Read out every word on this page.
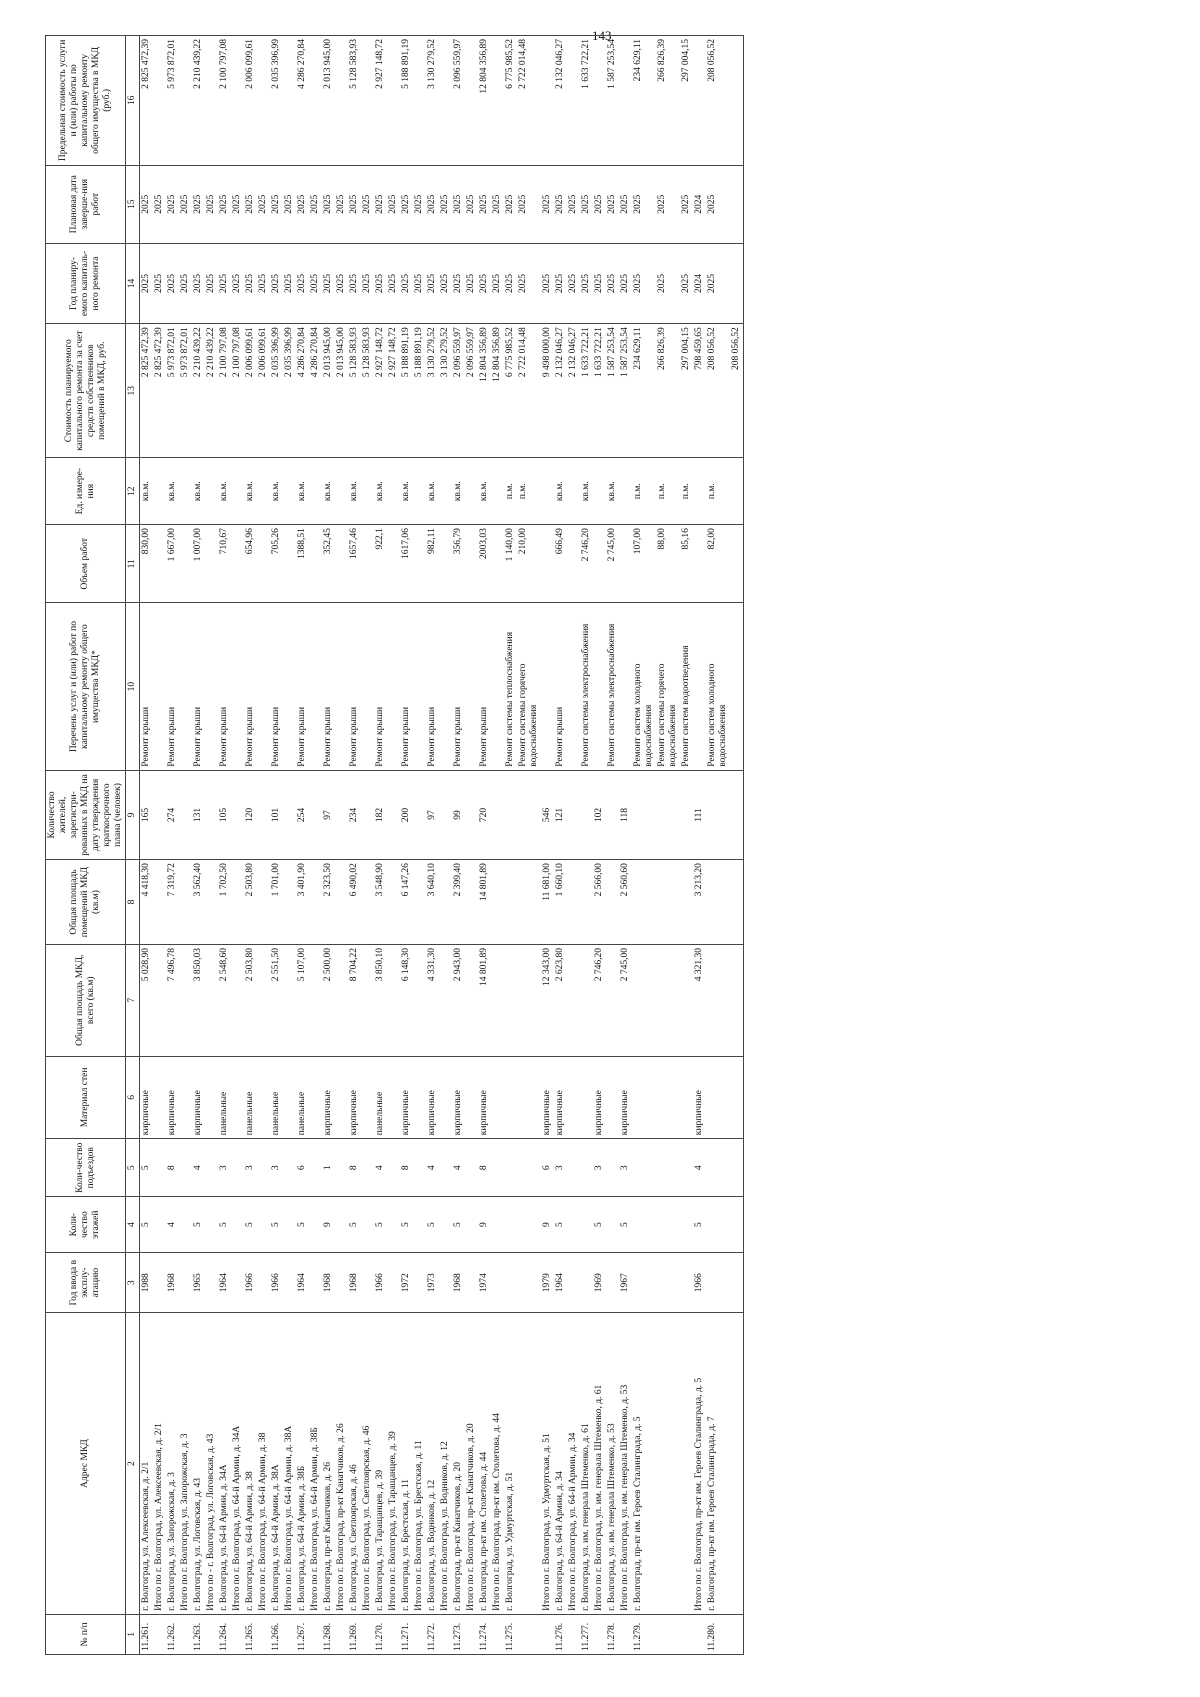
143
№ п/п	Адрес МКД	Год ввода в эксплу-атацию	Коли-чество этажей	Коли-чество подъездов	Материал стен	Общая площадь МКД, всего (кв.м)	Общая площадь помещений МКД (кв.м)	Количество жителей, зарегистри-рованных в МКД на дату утверждения краткосрочного плана (человек)	Перечень услуг и (или) работ по капитальному ремонту общего имущества МКД*	Объем работ	Ед. измере-ния	Стоимость планируемого капитального ремонта за счет средств собственников помещений в МКД, руб.	Год планиру-емого капиталь-ного ремонта	Плановая дата заверше-ния работ	Предельная стоимость услуги и (или) работы по капитальному ремонту общего имущества в МКД (руб.)
1	2	3	4	5	6	7	8	9	10	11	12	13	14	15	16
11.261.	г. Волгоград, ул. Алексеевская, д. 2/1	1988	5	5	кирпичные	5 028,90	4 418,30	165	Ремонт крыши	830,00	кв.м.	2 825 472,39	2025	2025	2 825 472,39
	Итого по г. Волгоград, ул. Алексеевская, д. 2/1											2 825 472,39	2025	2025	
11.262.	г. Волгоград, ул. Запорожская, д. 3	1968	4	8	кирпичные	7 496,78	7 319,72	274	Ремонт крыши	1 667,00	кв.м.	5 973 872,01	2025	2025	5 973 872,01
	Итого по г. Волгоград, ул. Запорожская, д. 3											5 973 872,01	2025	2025	
11.263.	г. Волгоград, ул. Логовская, д. 43	1965	5	4	кирпичные	3 850,03	3 562,40	131	Ремонт крыши	1 007,00	кв.м.	2 210 439,22	2025	2025	2 210 439,22
	Итого по - г. Волгоград, ул. Логовская, д. 43											2 210 439,22	2025	2025	
11.264.	г. Волгоград, ул. 64-й Армии, д. 34А	1964	5	3	панельные	2 548,60	1 702,50	105	Ремонт крыши	710,67	кв.м.	2 100 797,08	2025	2025	2 100 797,08
	Итого по г. Волгоград, ул. 64-й Армии, д. 34А											2 100 797,08	2025	2025	
11.265.	г. Волгоград, ул. 64-й Армии, д. 38	1966	5	3	панельные	2 503,80	2 503,80	120	Ремонт крыши	654,96	кв.м.	2 006 099,61	2025	2025	2 006 099,61
	Итого по г. Волгоград, ул. 64-й Армии, д. 38											2 006 099,61	2025	2025	
11.266.	г. Волгоград, ул. 64-й Армии, д. 38А	1966	5	3	панельные	2 551,50	1 701,00	101	Ремонт крыши	705,26	кв.м.	2 035 396,99	2025	2025	2 035 396,99
	Итого по г. Волгоград, ул. 64-й Армии, д. 38А											2 035 396,99	2025	2025	
11.267.	г. Волгоград, ул. 64-й Армии, д. 38Б	1964	5	6	панельные	5 107,00	3 401,90	254	Ремонт крыши	1388,51	кв.м.	4 286 270,84	2025	2025	4 286 270,84
	Итого по г. Волгоград, ул. 64-й Армии, д. 38Б											4 286 270,84	2025	2025	
11.268.	г. Волгоград, пр-кт Канатчиков, д. 26	1968	9	1	кирпичные	2 500,00	2 323,50	97	Ремонт крыши	352,45	кв.м.	2 013 945,00	2025	2025	2 013 945,00
	Итого по г. Волгоград, пр-кт Канатчиков, д. 26											2 013 945,00	2025	2025	
11.269.	г. Волгоград, ул. Светлоярская, д. 46	1968	5	8	кирпичные	8 704,22	6 490,02	234	Ремонт крыши	1657,46	кв.м.	5 128 583,93	2025	2025	5 128 583,93
	Итого по г. Волгоград, ул. Светлоярская, д. 46											5 128 583,93	2025	2025	
11.270.	г. Волгоград, ул. Таращанцев, д. 39	1966	5	4	панельные	3 850,10	3 548,90	182	Ремонт крыши	922,1	кв.м.	2 927 148,72	2025	2025	2 927 148,72
	Итого по г. Волгоград, ул. Таращанцев, д. 39											2 927 148,72	2025	2025	
11.271.	г. Волгоград, ул. Брестская, д. 11	1972	5	8	кирпичные	6 148,30	6 147,26	200	Ремонт крыши	1617,06	кв.м.	5 188 891,19	2025	2025	5 188 891,19
	Итого по г. Волгоград, ул. Брестская, д. 11											5 188 891,19	2025	2025	
11.272.	г. Волгоград, ул. Водников, д. 12	1973	5	4	кирпичные	4 331,30	3 640,10	97	Ремонт крыши	982,11	кв.м.	3 130 279,52	2025	2025	3 130 279,52
	Итого по г. Волгоград, ул. Водников, д. 12											3 130 279,52	2025	2025	
11.273.	г. Волгоград, пр-кт Канатчиков, д. 20	1968	5	4	кирпичные	2 943,00	2 399,40	99	Ремонт крыши	356,79	кв.м.	2 096 559,97	2025	2025	2 096 559,97
	Итого по г. Волгоград, пр-кт Канатчиков, д. 20											2 096 559,97	2025	2025	
11.274.	г. Волгоград, пр-кт им. Столетова, д. 44	1974	9	8	кирпичные	14 801,89	14 801,89	720	Ремонт крыши	2003,03	кв.м.	12 804 356,89	2025	2025	12 804 356,89
	Итого по г. Волгоград, пр-кт им. Столетова, д. 44											12 804 356,89	2025	2025	
11.275.	г. Волгоград, ул. Удмуртская, д. 51								Ремонт системы теплоснабжения	1 140,00	п.м.	6 775 985,52	2025	2025	6 775 985,52
									Ремонт системы горячего водоснабжения	210,00	п.м.	2 722 014,48	2025	2025	2 722 014,48
	Итого по г. Волгоград, ул. Удмуртская, д. 51	1979	9	6	кирпичные	12 343,00	11 681,00	546				9 498 000,00	2025	2025	
11.276.	г. Волгоград, ул. 64-й Армии, д. 34	1964	5	3	кирпичные	2 623,80	1 660,10	121	Ремонт крыши	666,49	кв.м.	2 132 046,27	2025	2025	2 132 046,27
	Итого по г. Волгоград, ул. 64-й Армии, д. 34											2 132 046,27	2025	2025	
11.277.	г. Волгоград, ул. им. генерала Штеменко, д. 61								Ремонт системы электроснабжения	2 746,20	кв.м.	1 633 722,21	2025	2025	1 633 722,21
	Итого по г. Волгоград, ул. им. генерала Штеменко, д. 61	1969	5	3	кирпичные	2 746,20	2 566,00	102				1 633 722,21	2025	2025	
11.278.	г. Волгоград, ул. им. генерала Штеменко, д. 53								Ремонт системы электроснабжения	2 745,00	кв.м.	1 587 253,54	2025	2025	1 587 253,54
	Итого по г. Волгоград, ул. им. генерала Штеменко, д. 53	1967	5	3	кирпичные	2 745,00	2 560,60	118				1 587 253,54	2025	2025	
11.279.	г. Волгоград, пр-кт им. Героев Сталинграда, д. 5								Ремонт систем холодного водоснабжения	107,00	п.м.	234 629,11	2025	2025	234 629,11
									Ремонт системы горячего водоснабжения	88,00	п.м.	266 826,39	2025	2025	266 826,39
									Ремонт систем водоотведения	85,16	п.м.	297 004,15	2025	2025	297 004,15
	Итого по г. Волгоград, пр-кт им. Героев Сталинграда, д. 5	1966	5	4	кирпичные	4 321,30	3 213,20	111				798 459,65	2024	2024	
11.280.	г. Волгоград, пр-кт им. Героев Сталинграда, д. 7								Ремонт систем холодного водоснабжения	82,00	п.м.	208 056,52	2025	2025	208 056,52
												208 056,52			
